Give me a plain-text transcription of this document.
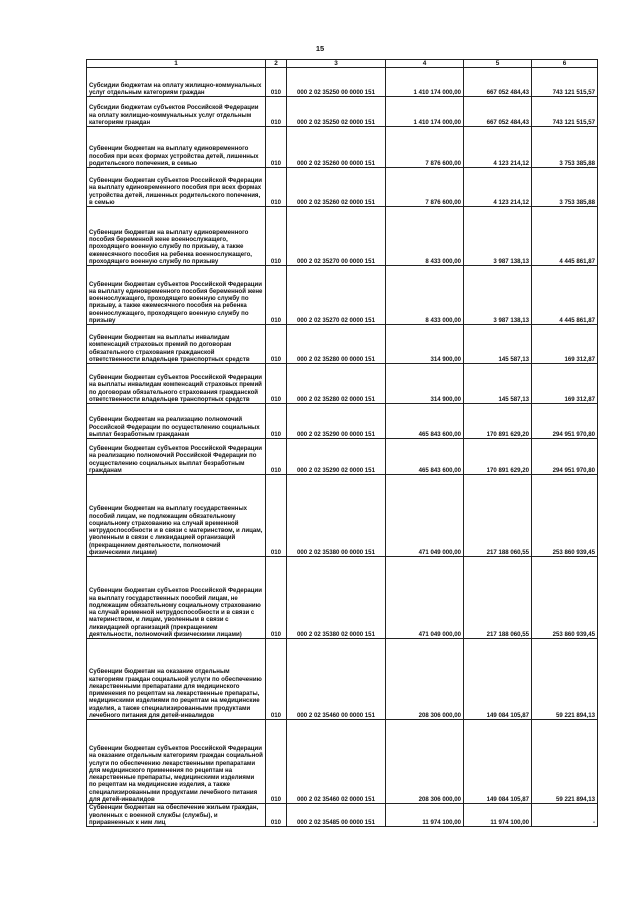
15
1	2	3	4	5	6
Субсидии бюджетам на оплату жилищно-коммунальных услуг отдельным категориям граждан	010	000 2 02 35250 00 0000 151	1 410 174 000,00	667 052 484,43	743 121 515,57
Субсидии бюджетам субъектов Российской Федерации на оплату жилищно-коммунальных услуг отдельным категориям граждан	010	000 2 02 35250 02 0000 151	1 410 174 000,00	667 052 484,43	743 121 515,57
Субвенции бюджетам на выплату единовременного пособия при всех формах устройства детей, лишенных родительского попечения, в семью	010	000 2 02 35260 00 0000 151	7 876 600,00	4 123 214,12	3 753 385,88
Субвенции бюджетам субъектов Российской Федерации на выплату единовременного пособия при всех формах устройства детей, лишенных родительского попечения, в семью	010	000 2 02 35260 02 0000 151	7 876 600,00	4 123 214,12	3 753 385,88
Субвенции бюджетам на выплату единовременного пособия беременной жене военнослужащего, проходящего военную службу по призыву, а также ежемесячного пособия на ребенка военнослужащего, проходящего военную службу по призыву	010	000 2 02 35270 00 0000 151	8 433 000,00	3 987 138,13	4 445 861,87
Субвенции бюджетам субъектов Российской Федерации на выплату единовременного пособия беременной жене военнослужащего, проходящего военную службу по призыву, а также ежемесячного пособия на ребенка военнослужащего, проходящего военную службу по призыву	010	000 2 02 35270 02 0000 151	8 433 000,00	3 987 138,13	4 445 861,87
Субвенции бюджетам на выплаты инвалидам компенсаций страховых премий по договорам обязательного страхования гражданской ответственности владельцев транспортных средств	010	000 2 02 35280 00 0000 151	314 900,00	145 587,13	169 312,87
Субвенции бюджетам субъектов Российской Федерации на выплаты инвалидам компенсаций страховых премий по договорам обязательного страхования гражданской ответственности владельцев транспортных средств	010	000 2 02 35280 02 0000 151	314 900,00	145 587,13	169 312,87
Субвенции бюджетам на реализацию полномочий Российской Федерации по осуществлению социальных выплат безработным гражданам	010	000 2 02 35290 00 0000 151	465 843 600,00	170 891 629,20	294 951 970,80
Субвенции бюджетам субъектов Российской Федерации на реализацию полномочий Российской Федерации по осуществлению социальных выплат безработным гражданам	010	000 2 02 35290 02 0000 151	465 843 600,00	170 891 629,20	294 951 970,80
Субвенции бюджетам на выплату государственных пособий лицам, не подлежащим обязательному социальному страхованию на случай временной нетрудоспособности и в связи с материнством, и лицам, уволенным в связи с ликвидацией организаций (прекращением деятельности, полномочий физическими лицами)	010	000 2 02 35380 00 0000 151	471 049 000,00	217 188 060,55	253 860 939,45
Субвенции бюджетам субъектов Российской Федерации на выплату государственных пособий лицам, не подлежащим обязательному социальному страхованию на случай временной нетрудоспособности и в связи с материнством, и лицам, уволенным в связи с ликвидацией организаций (прекращением деятельности, полномочий физическими лицами)	010	000 2 02 35380 02 0000 151	471 049 000,00	217 188 060,55	253 860 939,45
Субвенции бюджетам на оказание отдельным категориям граждан социальной услуги по обеспечению лекарственными препаратами для медицинского применения по рецептам на лекарственные препараты, медицинскими изделиями по рецептам на медицинские изделия, а также специализированными продуктами лечебного питания для детей-инвалидов	010	000 2 02 35460 00 0000 151	208 306 000,00	149 084 105,87	59 221 894,13
Субвенции бюджетам субъектов Российской Федерации на оказание отдельным категориям граждан социальной услуги по обеспечению лекарственными препаратами для медицинского применения по рецептам на лекарственные препараты, медицинскими изделиями по рецептам на медицинские изделия, а также специализированными продуктами лечебного питания для детей-инвалидов	010	000 2 02 35460 02 0000 151	208 306 000,00	149 084 105,87	59 221 894,13
Субвенции бюджетам на обеспечение жильем граждан, уволенных с военной службы (службы), и приравненных к ним лиц	010	000 2 02 35485 00 0000 151	11 974 100,00	11 974 100,00	-
